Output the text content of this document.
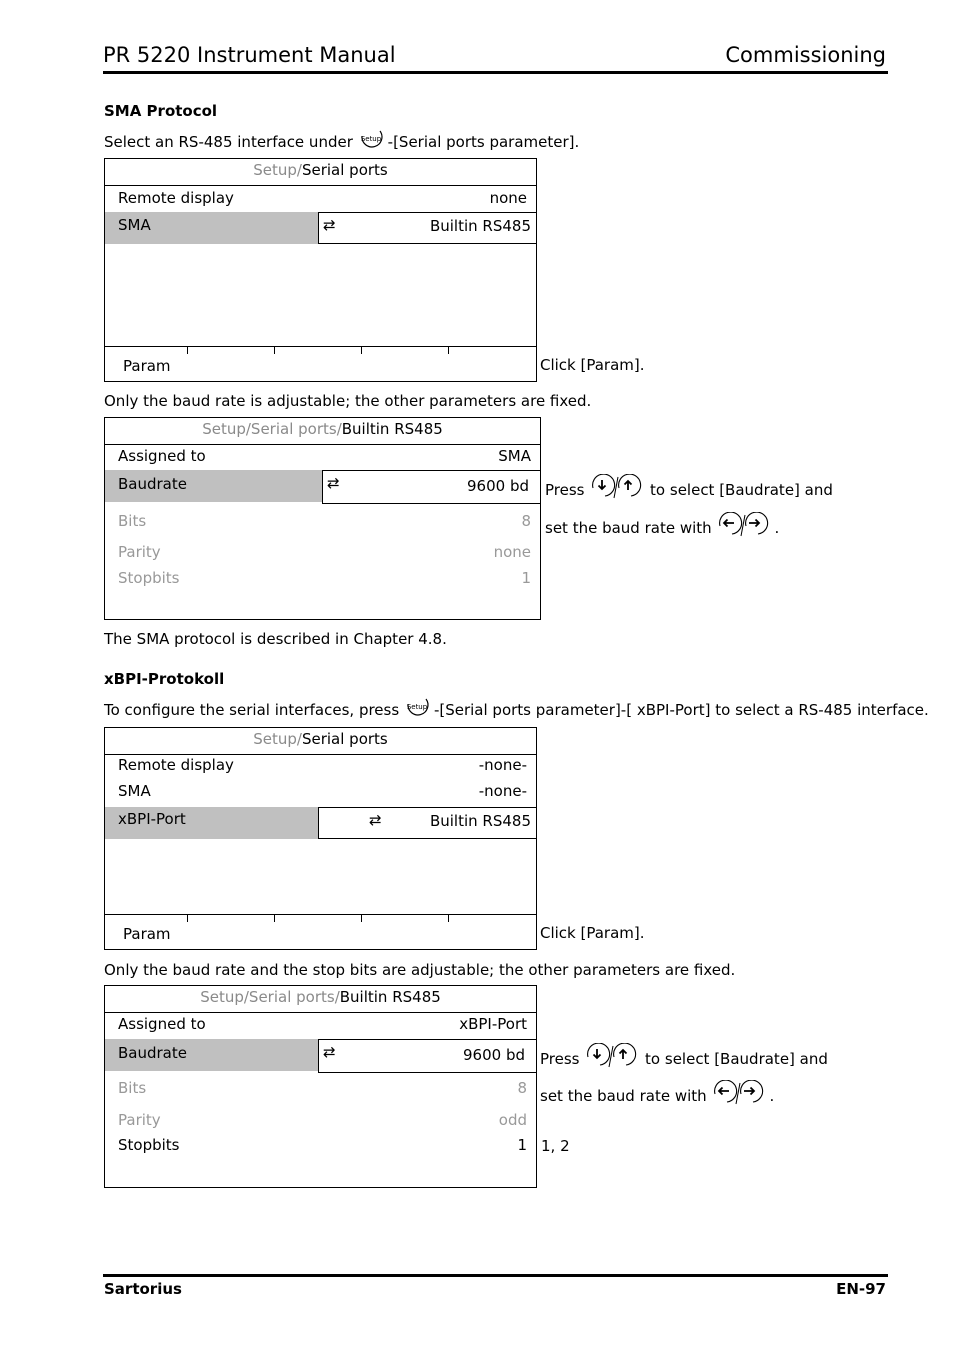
PR 5220 Instrument Manual	Commissioning
SMA Protocol
Select an RS-485 interface under Setup -[Serial ports parameter].
Setup/Serial ports
Remote display	none
SMA	⇄	Builtin RS485
Param	Click [Param].
Only the baud rate is adjustable; the other parameters are fixed.
Setup/Serial ports/Builtin RS485
Assigned to	SMA
Baudrate	⇄	9600 bd
Bits	8
Parity	none
Stopbits	1
Press	to select [Baudrate] and
set the baud rate with	.
The SMA protocol is described in Chapter 4.8.
xBPI-Protokoll
To configure the serial interfaces, press Setup -[Serial ports parameter]-[ xBPI-Port] to select a RS-485 interface.
Setup/Serial ports
Remote display	-none-
SMA	-none-
xBPI-Port	⇄	Builtin RS485
Param	Click [Param].
Only the baud rate and the stop bits are adjustable; the other parameters are fixed.
Setup/Serial ports/Builtin RS485
Assigned to	xBPI-Port
Baudrate	⇄	9600 bd
Bits	8
Parity	odd
Stopbits	1
Press	to select [Baudrate] and
set the baud rate with	.
1, 2
Sartorius	EN-97
